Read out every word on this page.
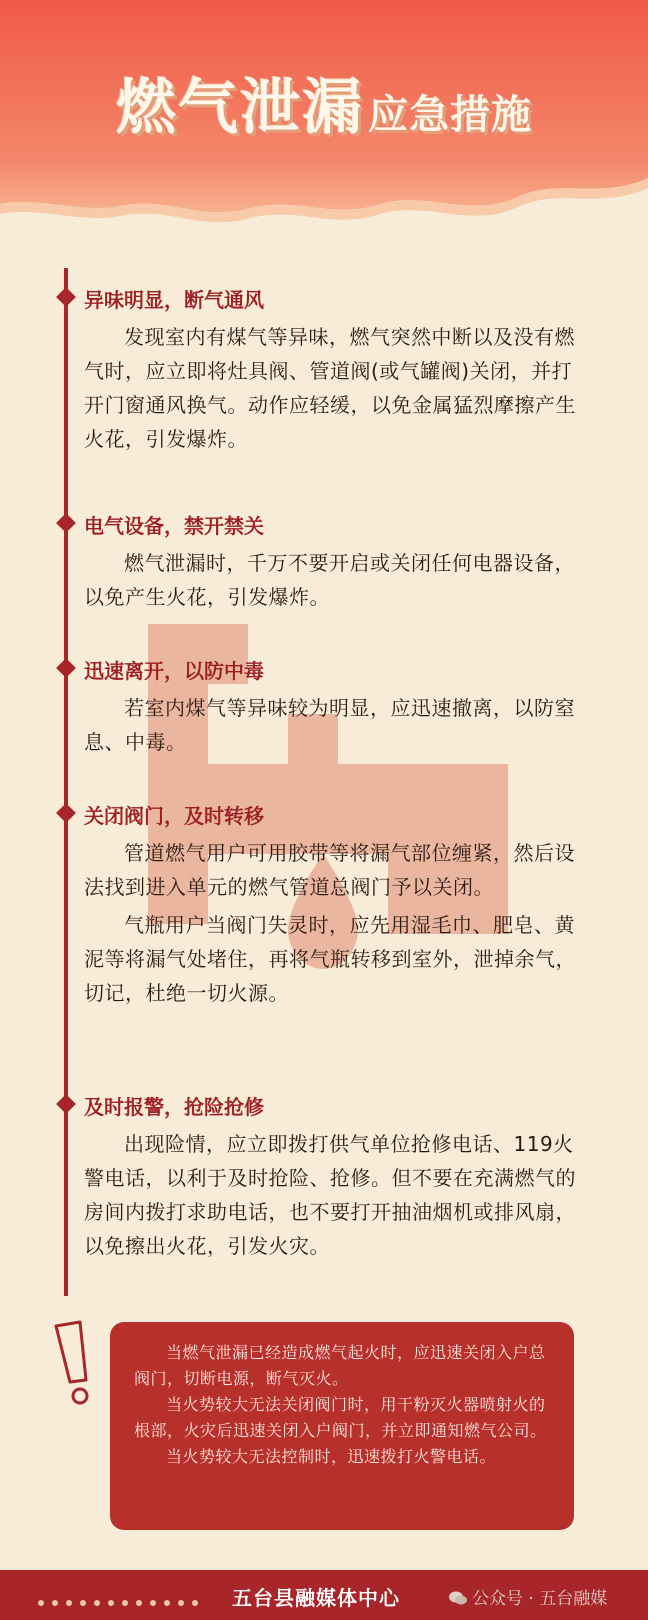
燃气泄漏 应急措施
异味明显，断气通风

发现室内有煤气等异味，燃气突然中断以及没有燃气时，应立即将灶具阀、管道阀(或气罐阀)关闭，并打开门窗通风换气。动作应轻缓，以免金属猛烈摩擦产生火花，引发爆炸。

电气设备，禁开禁关

燃气泄漏时，千万不要开启或关闭任何电器设备，以免产生火花，引发爆炸。

迅速离开，以防中毒

若室内煤气等异味较为明显，应迅速撤离，以防窒息、中毒。

关闭阀门，及时转移

管道燃气用户可用胶带等将漏气部位缠紧，然后设法找到进入单元的燃气管道总阀门予以关闭。

气瓶用户当阀门失灵时，应先用湿毛巾、肥皂、黄泥等将漏气处堵住，再将气瓶转移到室外，泄掉余气，切记，杜绝一切火源。

及时报警，抢险抢修

出现险情，应立即拨打供气单位抢修电话、119火警电话，以利于及时抢险、抢修。但不要在充满燃气的房间内拨打求助电话，也不要打开抽油烟机或排风扇，以免擦出火花，引发火灾。

当燃气泄漏已经造成燃气起火时，应迅速关闭入户总阀门，切断电源，断气灭火。

当火势较大无法关闭阀门时，用干粉灭火器喷射火的根部，火灾后迅速关闭入户阀门，并立即通知燃气公司。

当火势较大无法控制时，迅速拨打火警电话。

五台县融媒体中心	公众号 · 五台融媒
